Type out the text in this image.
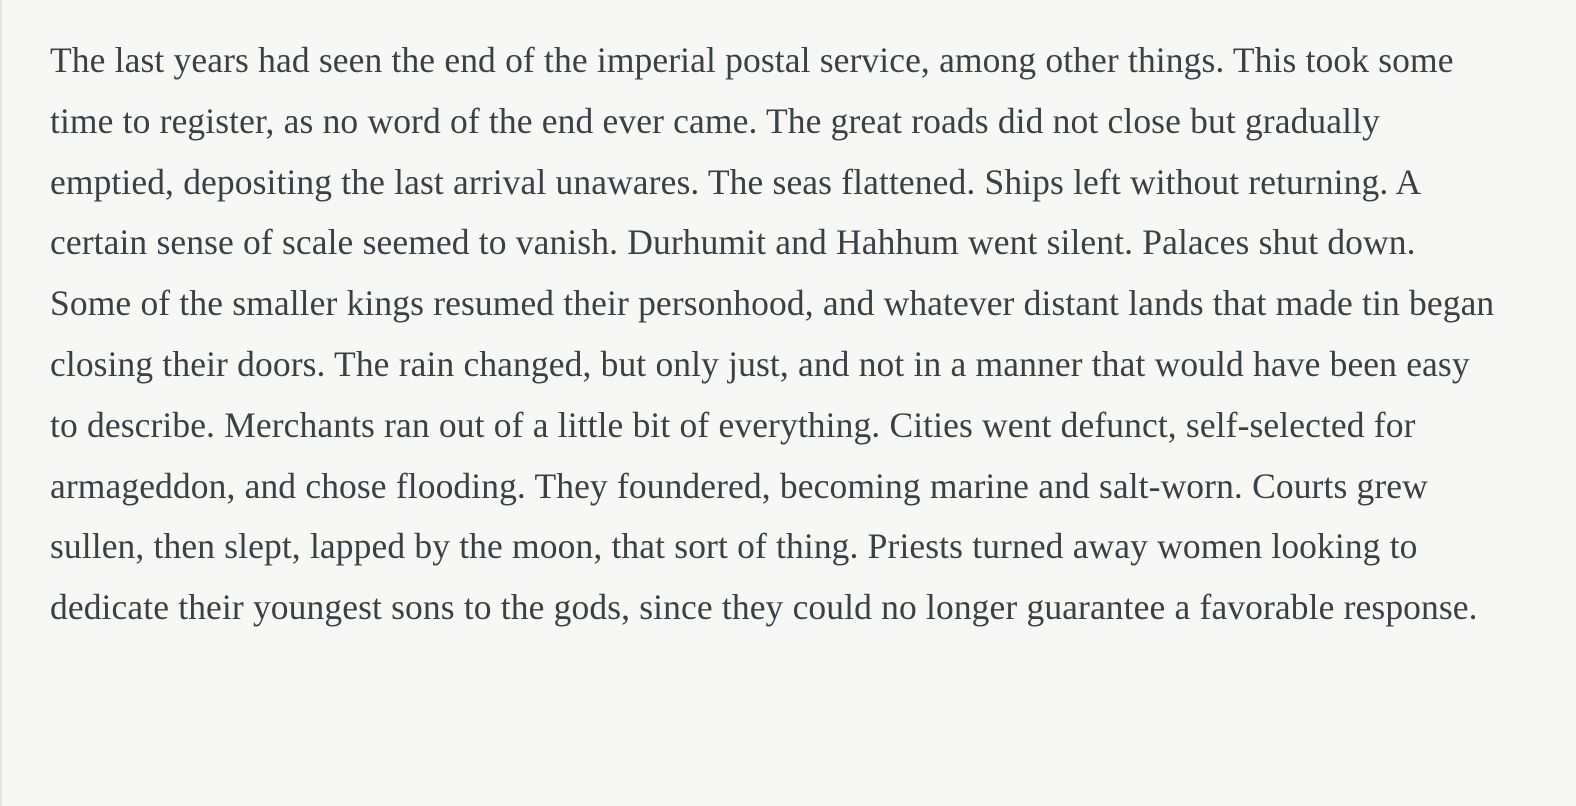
The last years had seen the end of the imperial postal service, among other things. This took some time to register, as no word of the end ever came. The great roads did not close but gradually emptied, depositing the last arrival unawares. The seas flattened. Ships left without returning. A certain sense of scale seemed to vanish. Durhumit and Hahhum went silent. Palaces shut down. Some of the smaller kings resumed their personhood, and whatever distant lands that made tin began closing their doors. The rain changed, but only just, and not in a manner that would have been easy to describe. Merchants ran out of a little bit of everything. Cities went defunct, self-selected for armageddon, and chose flooding. They foundered, becoming marine and salt-worn. Courts grew sullen, then slept, lapped by the moon, that sort of thing. Priests turned away women looking to dedicate their youngest sons to the gods, since they could no longer guarantee a favorable response.
